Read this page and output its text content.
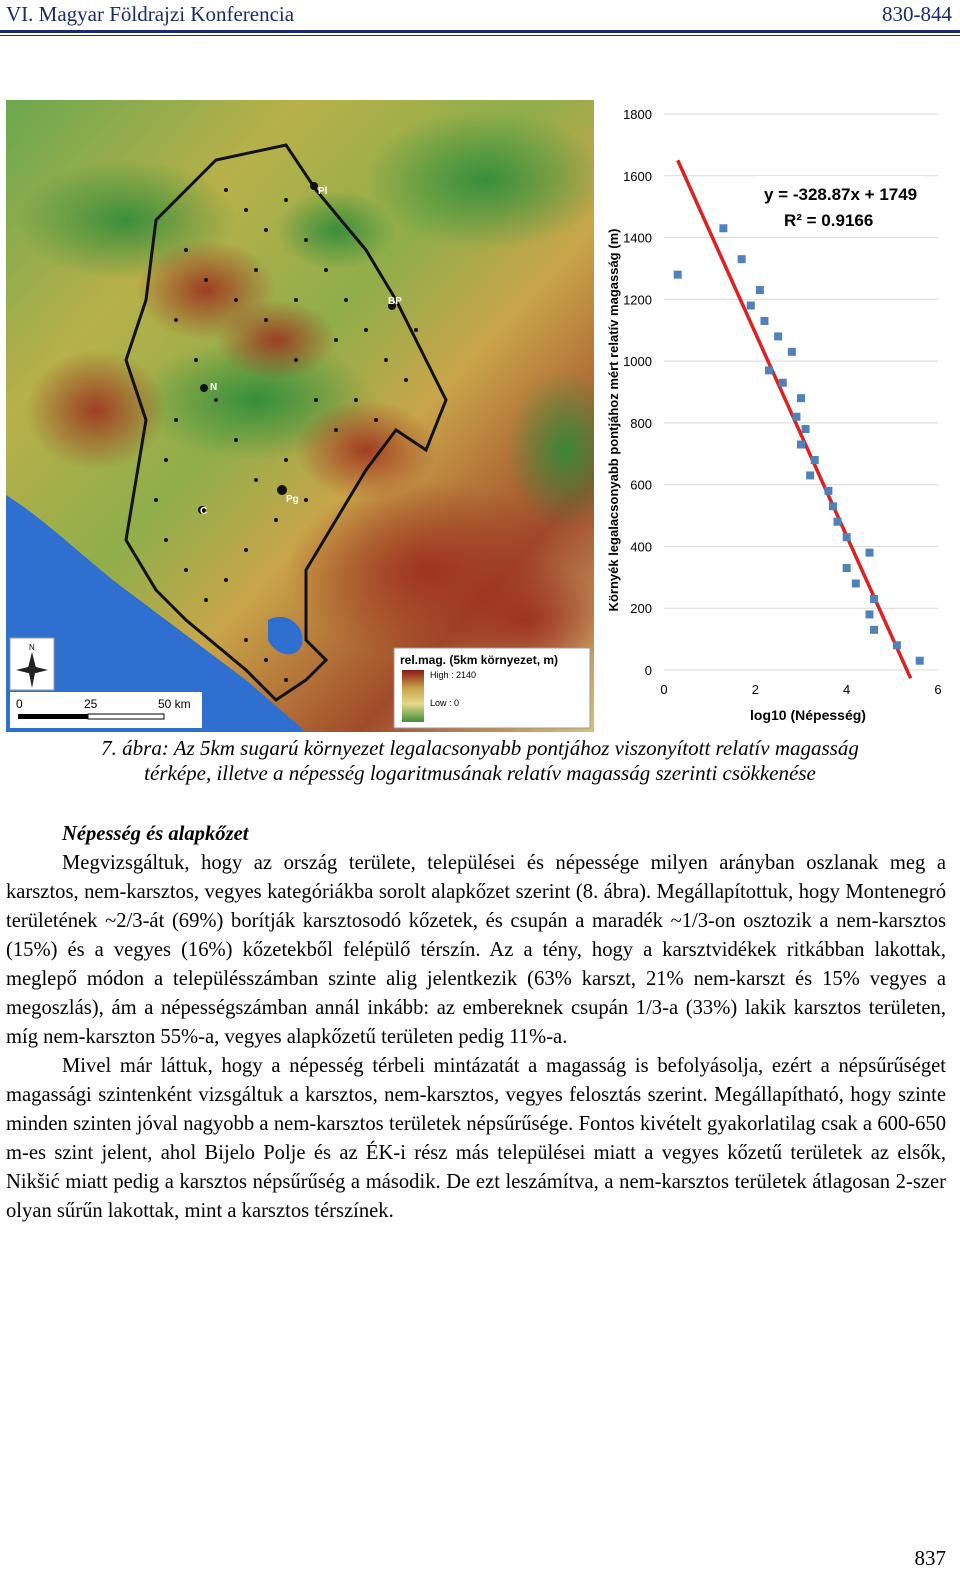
VI. Magyar Földrajzi Konferencia	830-844
Pl
BP
N
Pg
C
N
0	25	50 km
rel.mag. (5km környezet, m)
High : 2140
Low : 0
0
200
400
600
800
1000
1200
1400
1600
1800
0	2	4	6
y = -328.87x + 1749
R² = 0.9166
log10 (Népesség)
Környék legalacsonyabb pontjához mért relatív magasság (m)
7. ábra: Az 5km sugarú környezet legalacsonyabb pontjához viszonyított relatív magasság
térképe, illetve a népesség logaritmusának relatív magasság szerinti csökkenése

Népesség és alapkőzet

Megvizsgáltuk, hogy az ország területe, települései és népessége milyen arányban oszlanak meg a karsztos, nem-karsztos, vegyes kategóriákba sorolt alapkőzet szerint (8. ábra). Megállapítottuk, hogy Montenegró területének ~2/3-át (69%) borítják karsztosodó kőzetek, és csupán a maradék ~1/3-on osztozik a nem-karsztos (15%) és a vegyes (16%) kőzetekből felépülő térszín. Az a tény, hogy a karsztvidékek ritkábban lakottak, meglepő módon a településszámban szinte alig jelentkezik (63% karszt, 21% nem-karszt és 15% vegyes a megoszlás), ám a népességszámban annál inkább: az embereknek csupán 1/3-a (33%) lakik karsztos területen, míg nem-karszton 55%-a, vegyes alapkőzetű területen pedig 11%-a.

Mivel már láttuk, hogy a népesség térbeli mintázatát a magasság is befolyásolja, ezért a népsűrűséget magassági szintenként vizsgáltuk a karsztos, nem-karsztos, vegyes felosztás szerint. Megállapítható, hogy szinte minden szinten jóval nagyobb a nem-karsztos területek népsűrűsége. Fontos kivételt gyakorlatilag csak a 600-650 m-es szint jelent, ahol Bijelo Polje és az ÉK-i rész más települései miatt a vegyes kőzetű területek az elsők, Nikšić miatt pedig a karsztos népsűrűség a második. De ezt leszámítva, a nem-karsztos területek átlagosan 2-szer olyan sűrűn lakottak, mint a karsztos térszínek.

837
